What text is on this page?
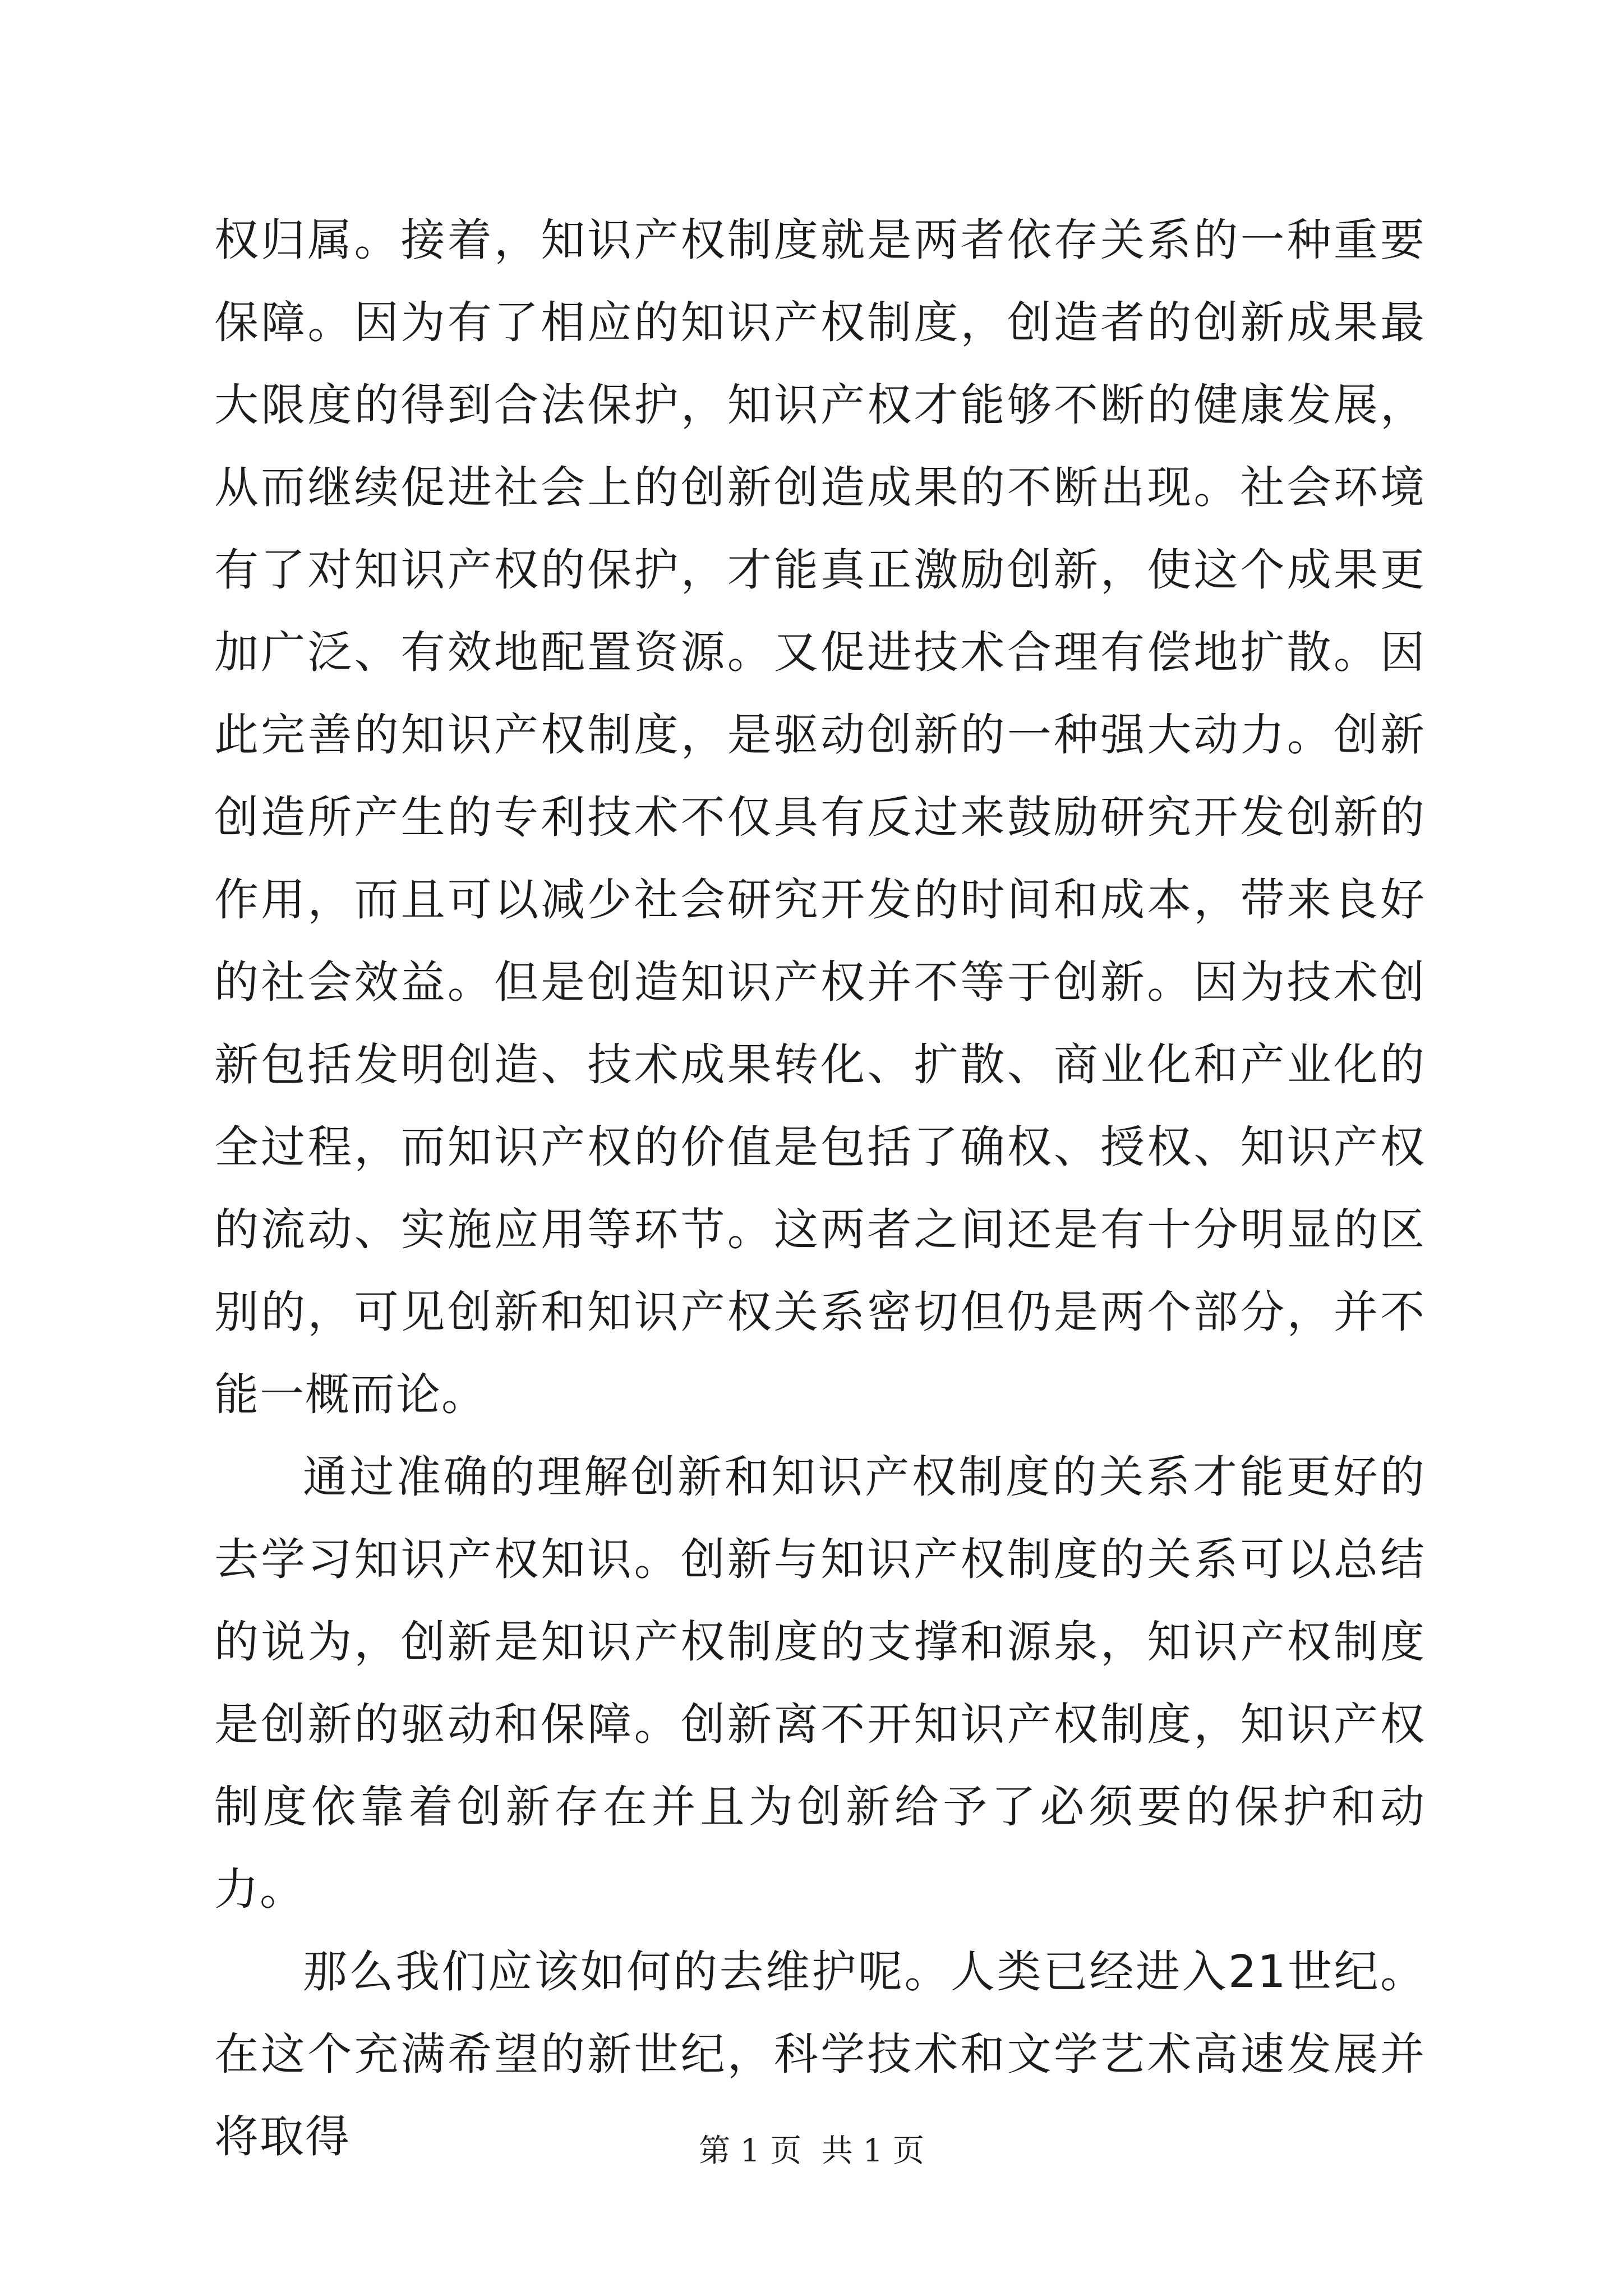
权归属。接着，知识产权制度就是两者依存关系的一种重要保障。因为有了相应的知识产权制度，创造者的创新成果最大限度的得到合法保护，知识产权才能够不断的健康发展，从而继续促进社会上的创新创造成果的不断出现。社会环境有了对知识产权的保护，才能真正激励创新，使这个成果更加广泛、有效地配置资源。又促进技术合理有偿地扩散。因此完善的知识产权制度，是驱动创新的一种强大动力。创新创造所产生的专利技术不仅具有反过来鼓励研究开发创新的作用，而且可以减少社会研究开发的时间和成本，带来良好的社会效益。但是创造知识产权并不等于创新。因为技术创新包括发明创造、技术成果转化、扩散、商业化和产业化的全过程，而知识产权的价值是包括了确权、授权、知识产权的流动、实施应用等环节。这两者之间还是有十分明显的区别的，可见创新和知识产权关系密切但仍是两个部分，并不能一概而论。

通过准确的理解创新和知识产权制度的关系才能更好的去学习知识产权知识。创新与知识产权制度的关系可以总结的说为，创新是知识产权制度的支撑和源泉，知识产权制度是创新的驱动和保障。创新离不开知识产权制度，知识产权制度依靠着创新存在并且为创新给予了必须要的保护和动力。

那么我们应该如何的去维护呢。人类已经进入21世纪。在这个充满希望的新世纪，科学技术和文学艺术高速发展并将取得	第 1 页  共 1 页
